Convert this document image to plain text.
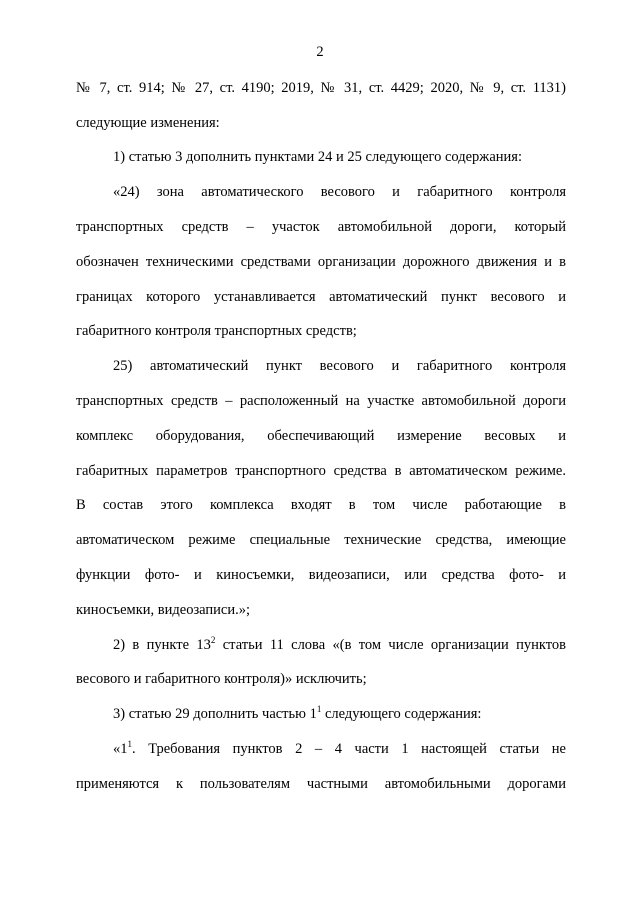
2
№ 7, ст. 914; № 27, ст. 4190; 2019, № 31, ст. 4429; 2020, № 9, ст. 1131)
следующие изменения:
1) статью 3 дополнить пунктами 24 и 25 следующего содержания:
«24) зона автоматического весового и габаритного контроля
транспортных средств – участок автомобильной дороги, который
обозначен техническими средствами организации дорожного движения и в
границах которого устанавливается автоматический пункт весового и
габаритного контроля транспортных средств;
25) автоматический пункт весового и габаритного контроля
транспортных средств – расположенный на участке автомобильной дороги
комплекс оборудования, обеспечивающий измерение весовых и
габаритных параметров транспортного средства в автоматическом режиме.
В состав этого комплекса входят в том числе работающие в
автоматическом режиме специальные технические средства, имеющие
функции фото- и киносъемки, видеозаписи, или средства фото- и
киносъемки, видеозаписи.»;
2) в пункте $13^2$ статьи 11 слова «(в том числе организации пунктов
весового и габаритного контроля)» исключить;
3) статью 29 дополнить частью $1^1$ следующего содержания:
«$1^1$. Требования пунктов 2 – 4 части 1 настоящей статьи не
применяются к пользователям частными автомобильными дорогами
